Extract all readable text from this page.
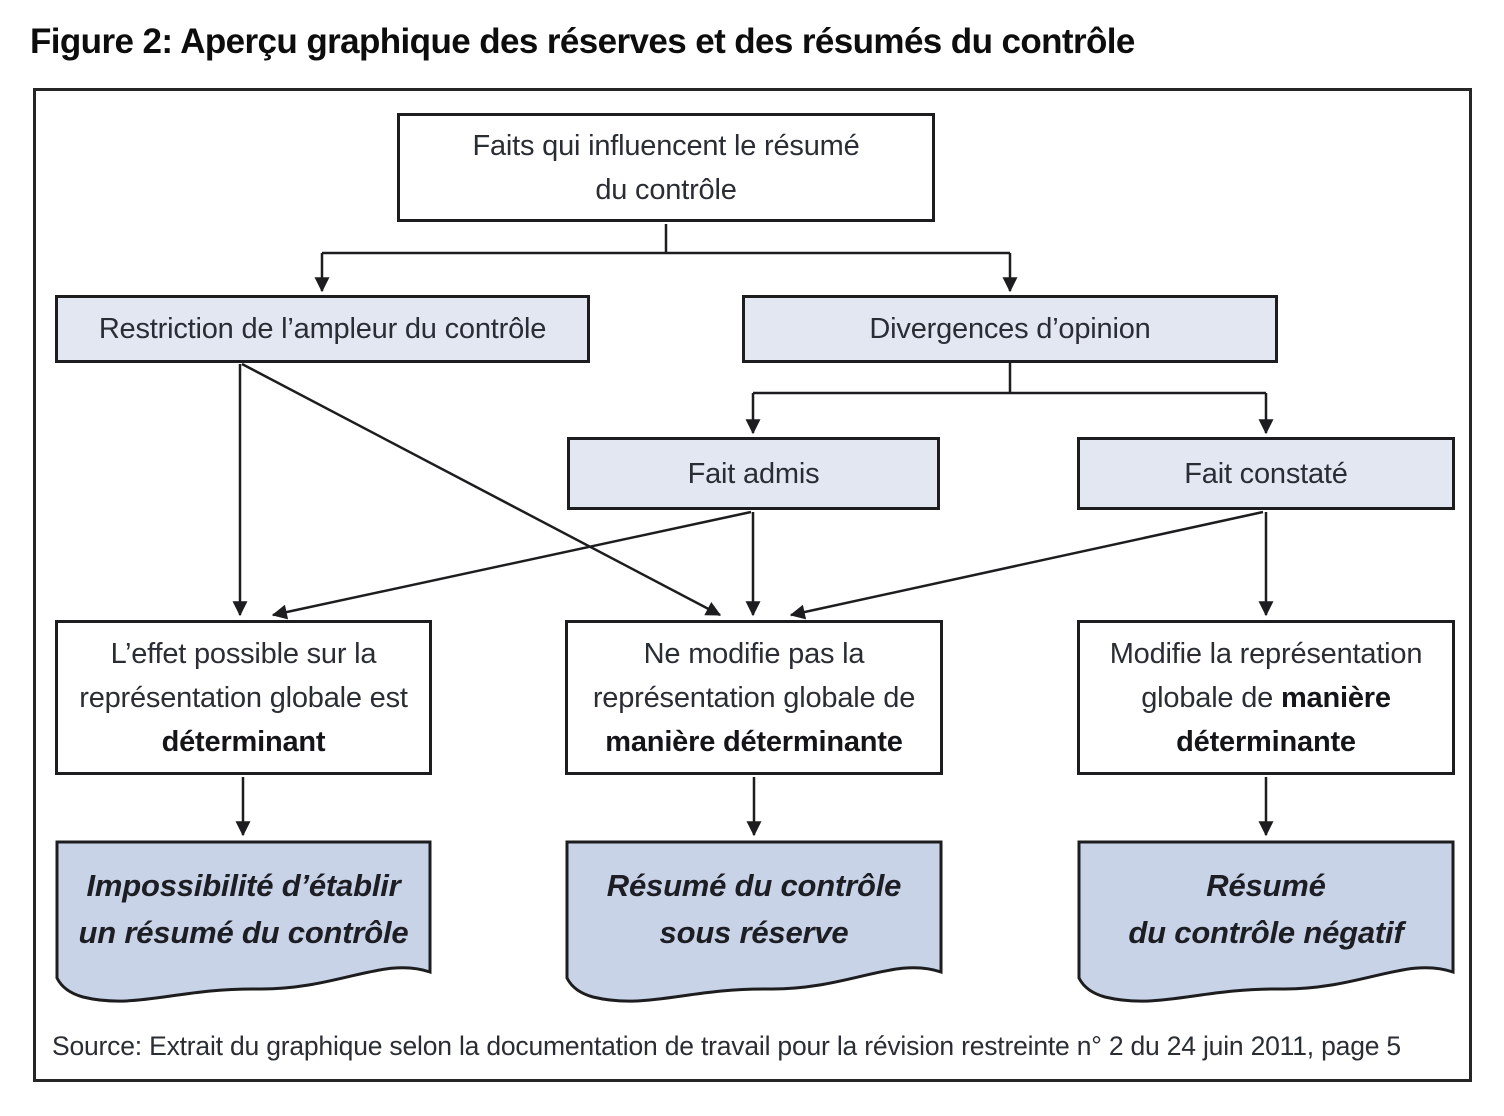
Figure 2: Aperçu graphique des réserves et des résumés du contrôle
Faits qui influencent le résumé
du contrôle
Restriction de l’ampleur du contrôle	Divergences d’opinion
Fait admis	Fait constaté
L’effet possible sur la
représentation globale est
déterminant
Ne modifie pas la
représentation globale de
manière déterminante
Modifie la représentation
globale de manière
déterminante
Impossibilité d’établir
un résumé du contrôle
Résumé du contrôle
sous réserve
Résumé
du contrôle négatif
Source: Extrait du graphique selon la documentation de travail pour la révision restreinte n° 2 du 24 juin 2011, page 5
